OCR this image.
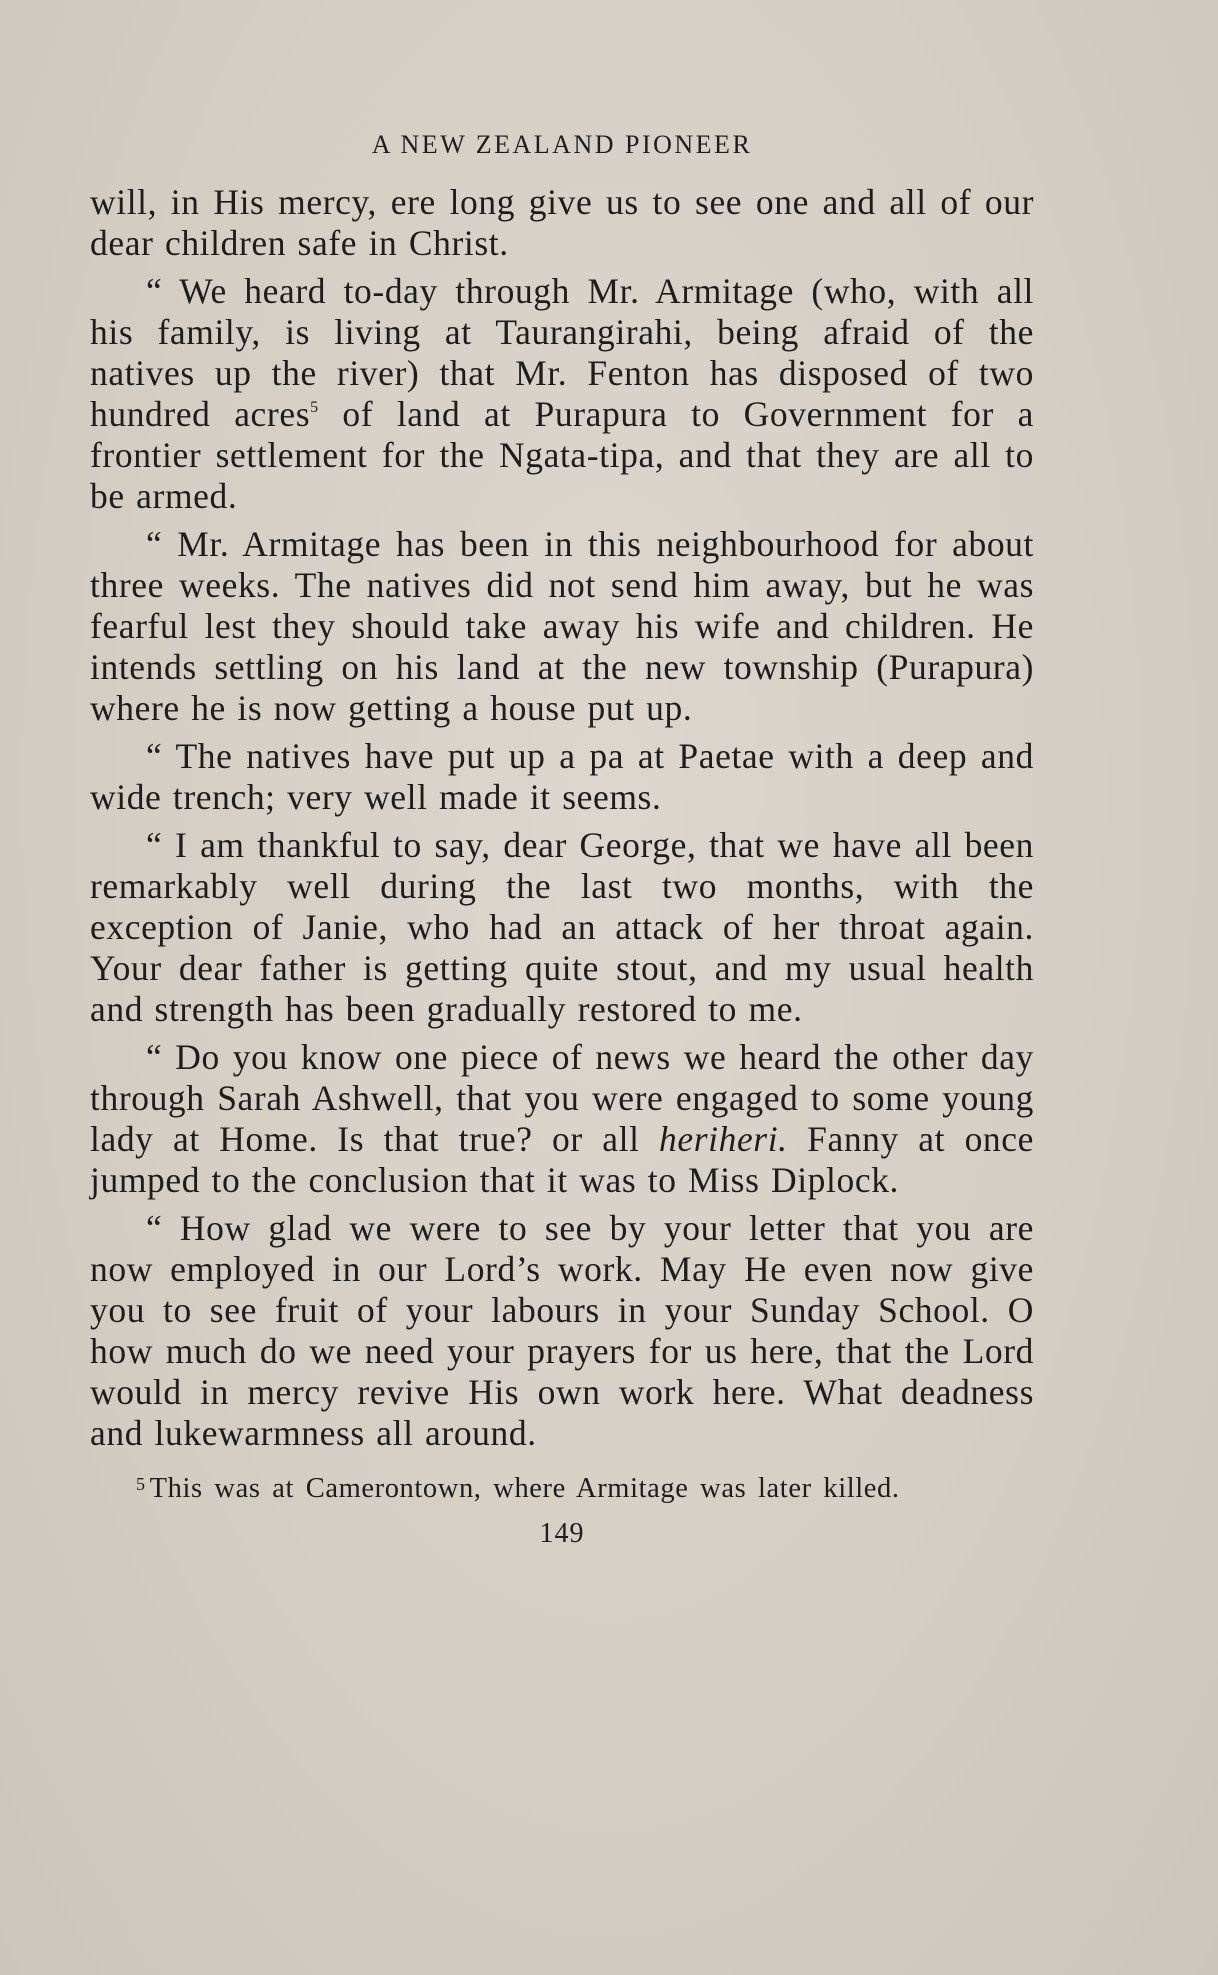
A NEW ZEALAND PIONEER

will, in His mercy, ere long give us to see one and all of our dear children safe in Christ.

“ We heard to-day through Mr. Armitage (who, with all his family, is living at Taurangirahi, being afraid of the natives up the river) that Mr. Fenton has disposed of two hundred acres$^5$ of land at Purapura to Government for a frontier settlement for the Ngata-tipa, and that they are all to be armed.

“ Mr. Armitage has been in this neighbourhood for about three weeks. The natives did not send him away, but he was fearful lest they should take away his wife and children. He intends settling on his land at the new township (Purapura) where he is now getting a house put up.

“ The natives have put up a pa at Paetae with a deep and wide trench; very well made it seems.

“ I am thankful to say, dear George, that we have all been remarkably well during the last two months, with the exception of Janie, who had an attack of her throat again. Your dear father is getting quite stout, and my usual health and strength has been gradually restored to me.

“ Do you know one piece of news we heard the other day through Sarah Ashwell, that you were engaged to some young lady at Home. Is that true? or all heriheri. Fanny at once jumped to the conclusion that it was to Miss Diplock.

“ How glad we were to see by your letter that you are now employed in our Lord’s work. May He even now give you to see fruit of your labours in your Sunday School. O how much do we need your prayers for us here, that the Lord would in mercy revive His own work here. What deadness and lukewarmness all around.

$^5$ This was at Camerontown, where Armitage was later killed.
149
